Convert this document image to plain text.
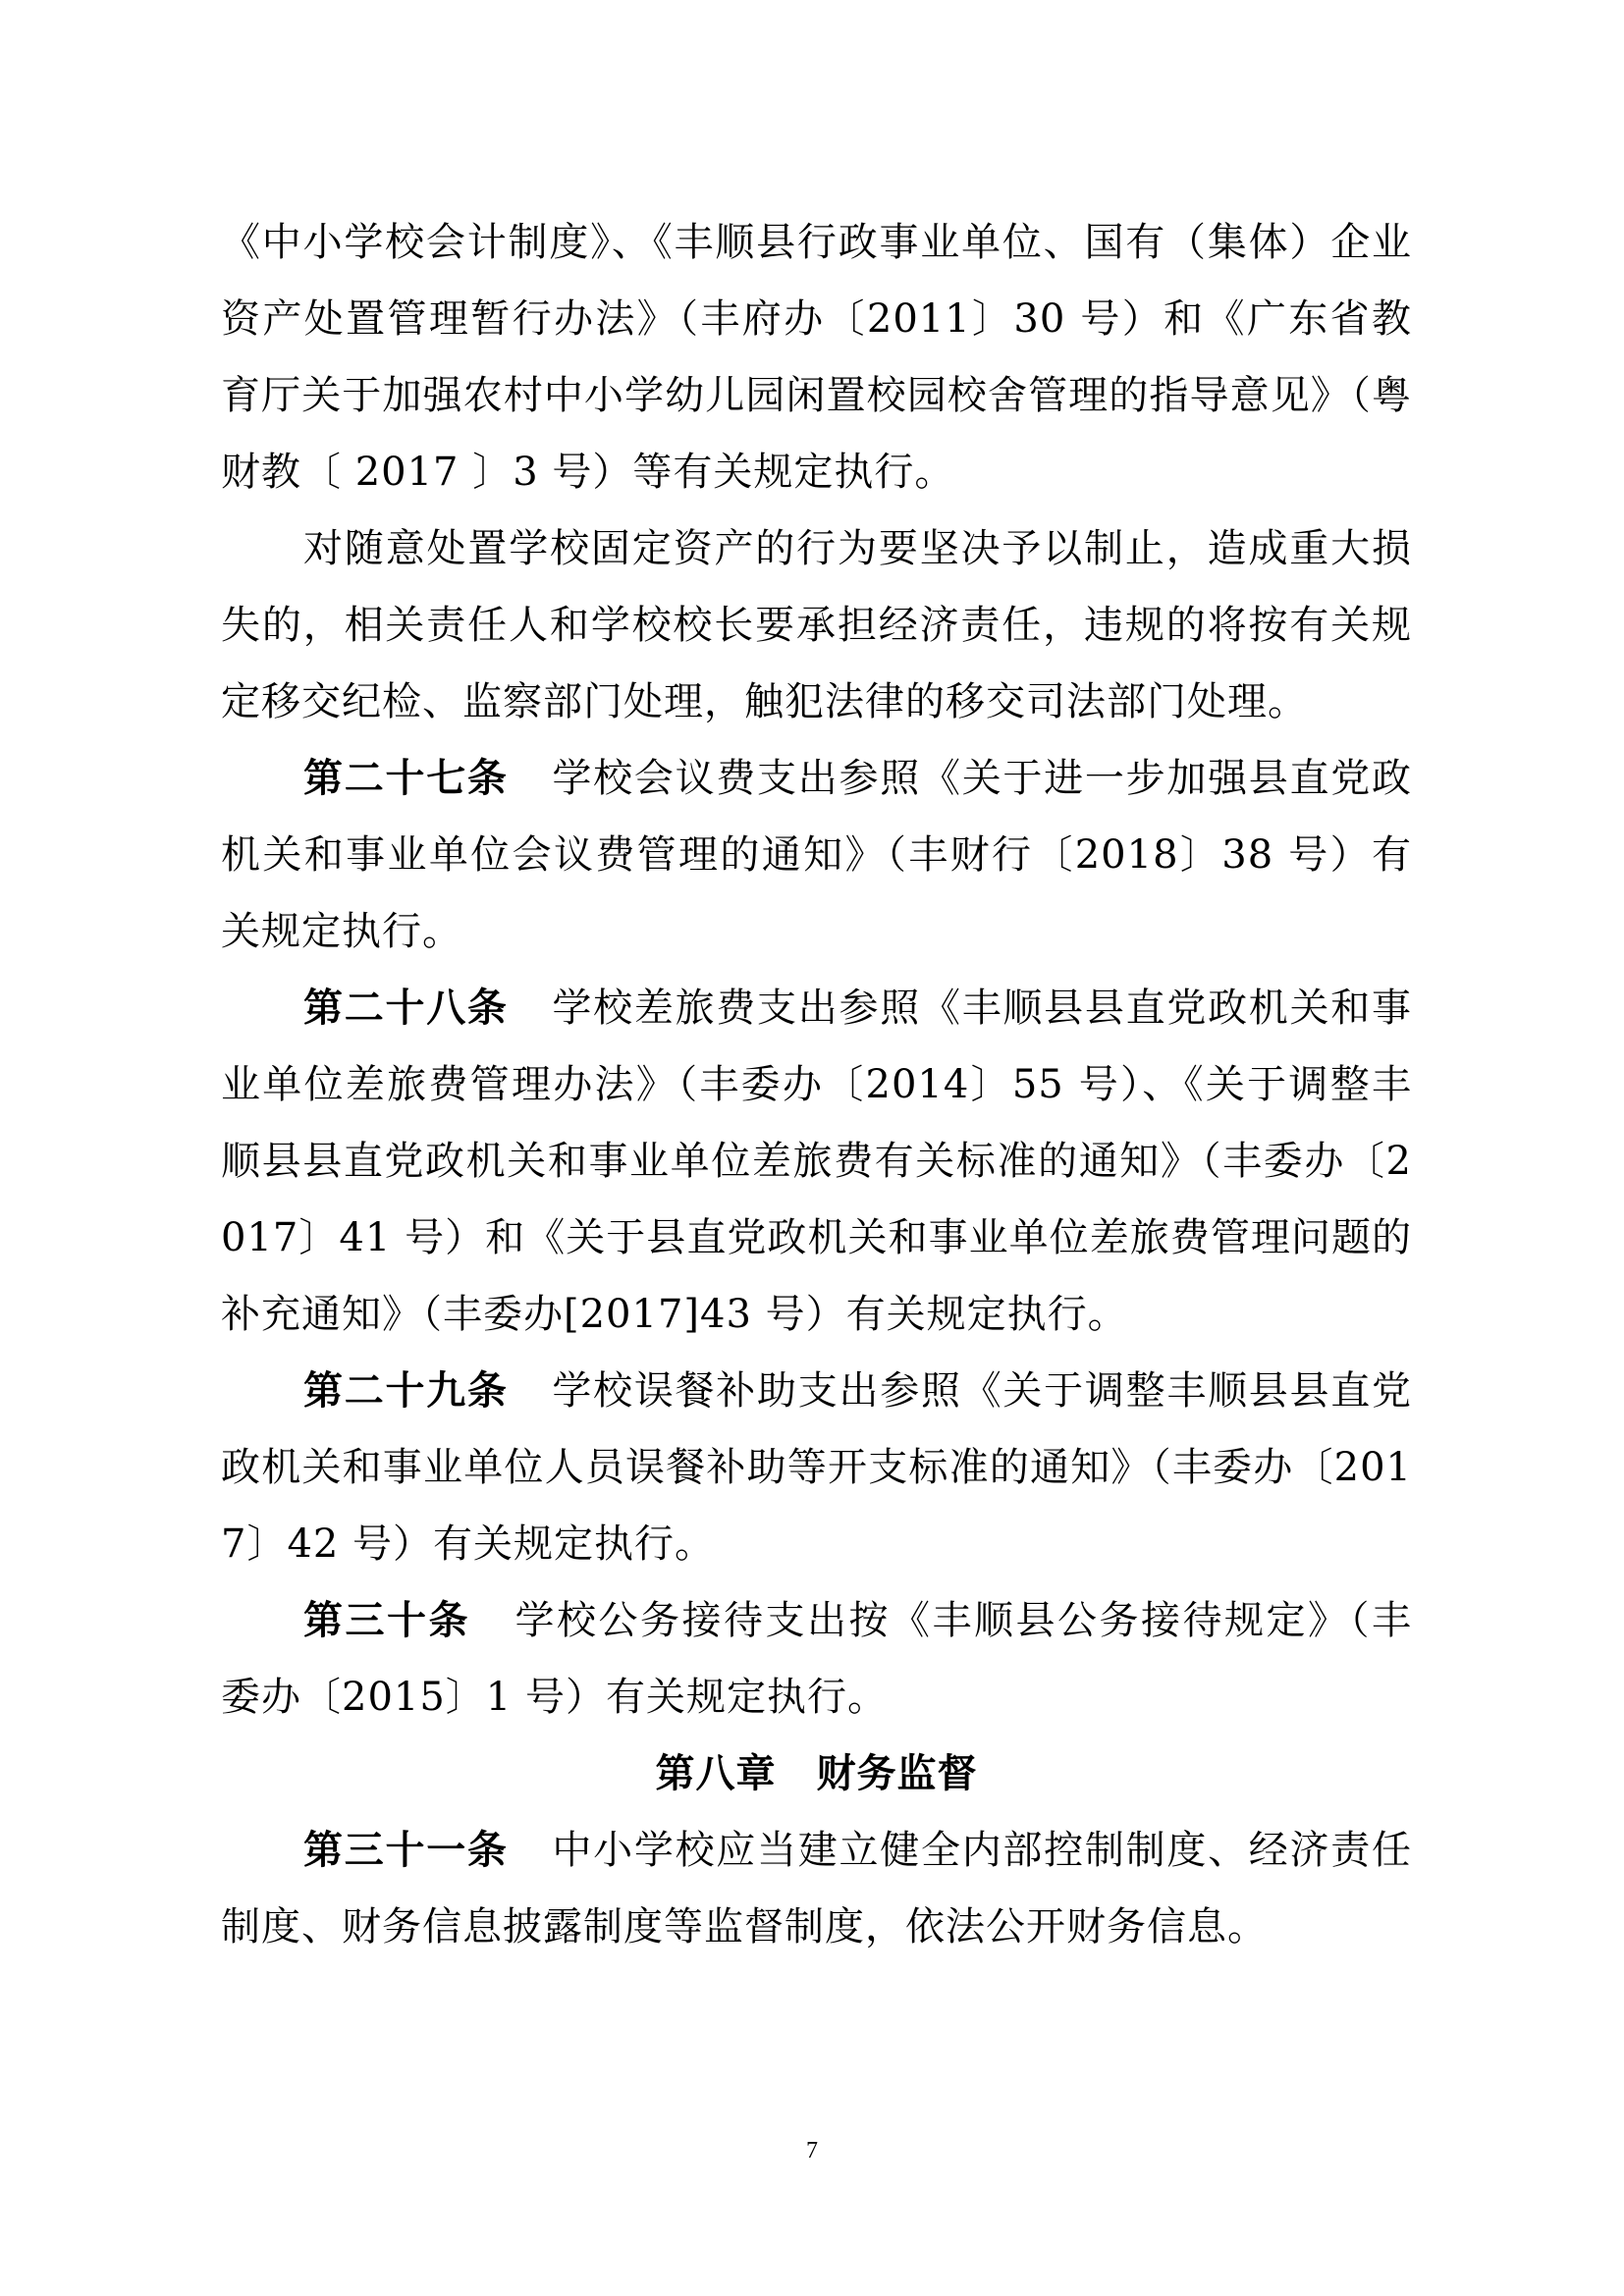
《中小学校会计制度》、《丰顺县行政事业单位、国有（集体）企业资产处置管理暂行办法》（丰府办〔2011〕30 号）和《广东省教育厅关于加强农村中小学幼儿园闲置校园校舍管理的指导意见》（粤财教〔 2017 〕3 号）等有关规定执行。

对随意处置学校固定资产的行为要坚决予以制止，造成重大损失的，相关责任人和学校校长要承担经济责任，违规的将按有关规定移交纪检、监察部门处理，触犯法律的移交司法部门处理。

第二十七条 学校会议费支出参照《关于进一步加强县直党政机关和事业单位会议费管理的通知》（丰财行〔2018〕38 号）有关规定执行。

第二十八条 学校差旅费支出参照《丰顺县县直党政机关和事业单位差旅费管理办法》（丰委办〔2014〕55 号）、《关于调整丰顺县县直党政机关和事业单位差旅费有关标准的通知》（丰委办〔2017〕41 号）和《关于县直党政机关和事业单位差旅费管理问题的补充通知》（丰委办[2017]43 号）有关规定执行。

第二十九条 学校误餐补助支出参照《关于调整丰顺县县直党政机关和事业单位人员误餐补助等开支标准的通知》（丰委办〔2017〕42 号）有关规定执行。

第三十条 学校公务接待支出按《丰顺县公务接待规定》（丰委办〔2015〕1 号）有关规定执行。

第八章　财务监督

第三十一条 中小学校应当建立健全内部控制制度、经济责任制度、财务信息披露制度等监督制度，依法公开财务信息。

7
